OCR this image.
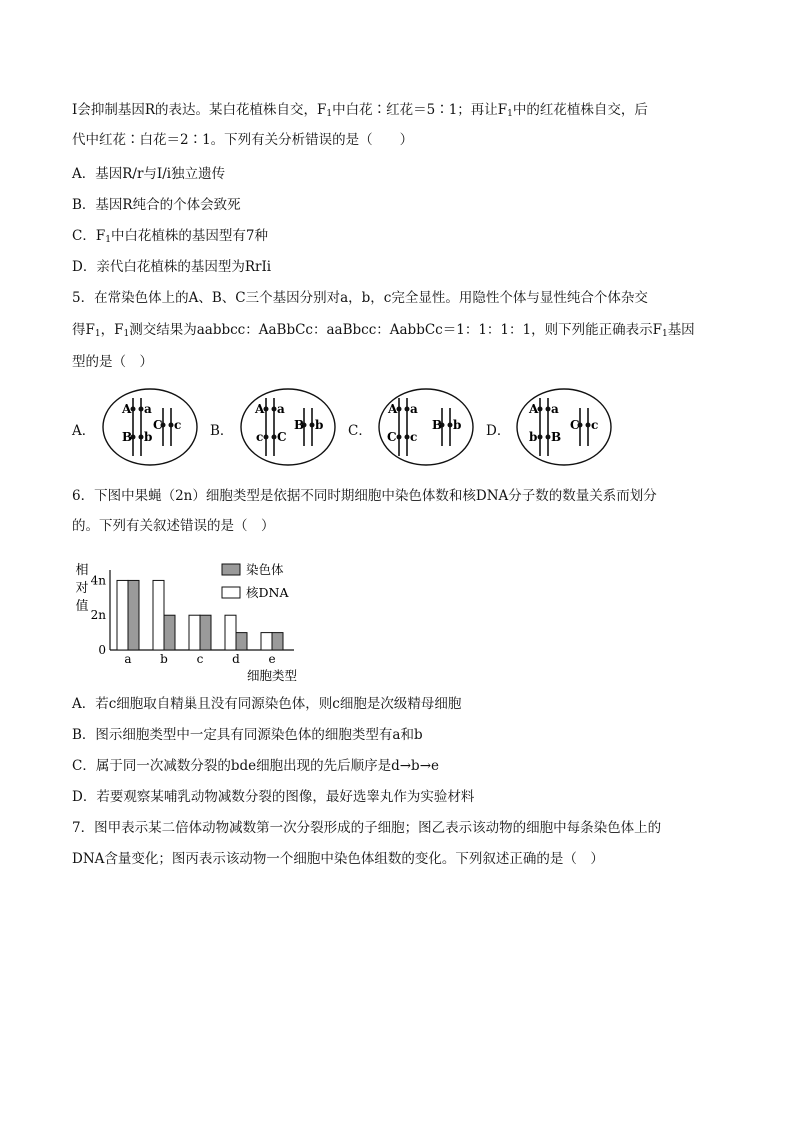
I会抑制基因R的表达。某白花植株自交，$F_1$中白花∶红花＝5∶1；再让$F_1$中的红花植株自交，后
代中红花∶白花＝2∶1。下列有关分析错误的是（　　）
A．基因R/r与I/i独立遗传
B．基因R纯合的个体会致死
C．$F_1$中白花植株的基因型有7种
D．亲代白花植株的基因型为RrIi
5．在常染色体上的A、B、C三个基因分别对a，b，c完全显性。用隐性个体与显性纯合个体杂交
得$F_1$，$F_1$测交结果为aabbcc：AaBbCc：aaBbcc：AabbCc＝1：1：1：1，则下列能正确表示$F_1$基因
型的是（　）
A．	B．	C．	D．
A a
B b
C c
A a
c C
B b
A a
C c
B b
A a
b B
C c
6．下图中果蝇（2n）细胞类型是依据不同时期细胞中染色体数和核DNA分子数的数量关系而划分
的。下列有关叙述错误的是（　）
相
对
值
0
2n
4n
a b c d e
细胞类型
染色体
核DNA
A．若c细胞取自精巢且没有同源染色体，则c细胞是次级精母细胞
B．图示细胞类型中一定具有同源染色体的细胞类型有a和b
C．属于同一次减数分裂的bde细胞出现的先后顺序是d→b→e
D．若要观察某哺乳动物减数分裂的图像，最好选睾丸作为实验材料
7．图甲表示某二倍体动物减数第一次分裂形成的子细胞；图乙表示该动物的细胞中每条染色体上的
DNA含量变化；图丙表示该动物一个细胞中染色体组数的变化。下列叙述正确的是（　）
